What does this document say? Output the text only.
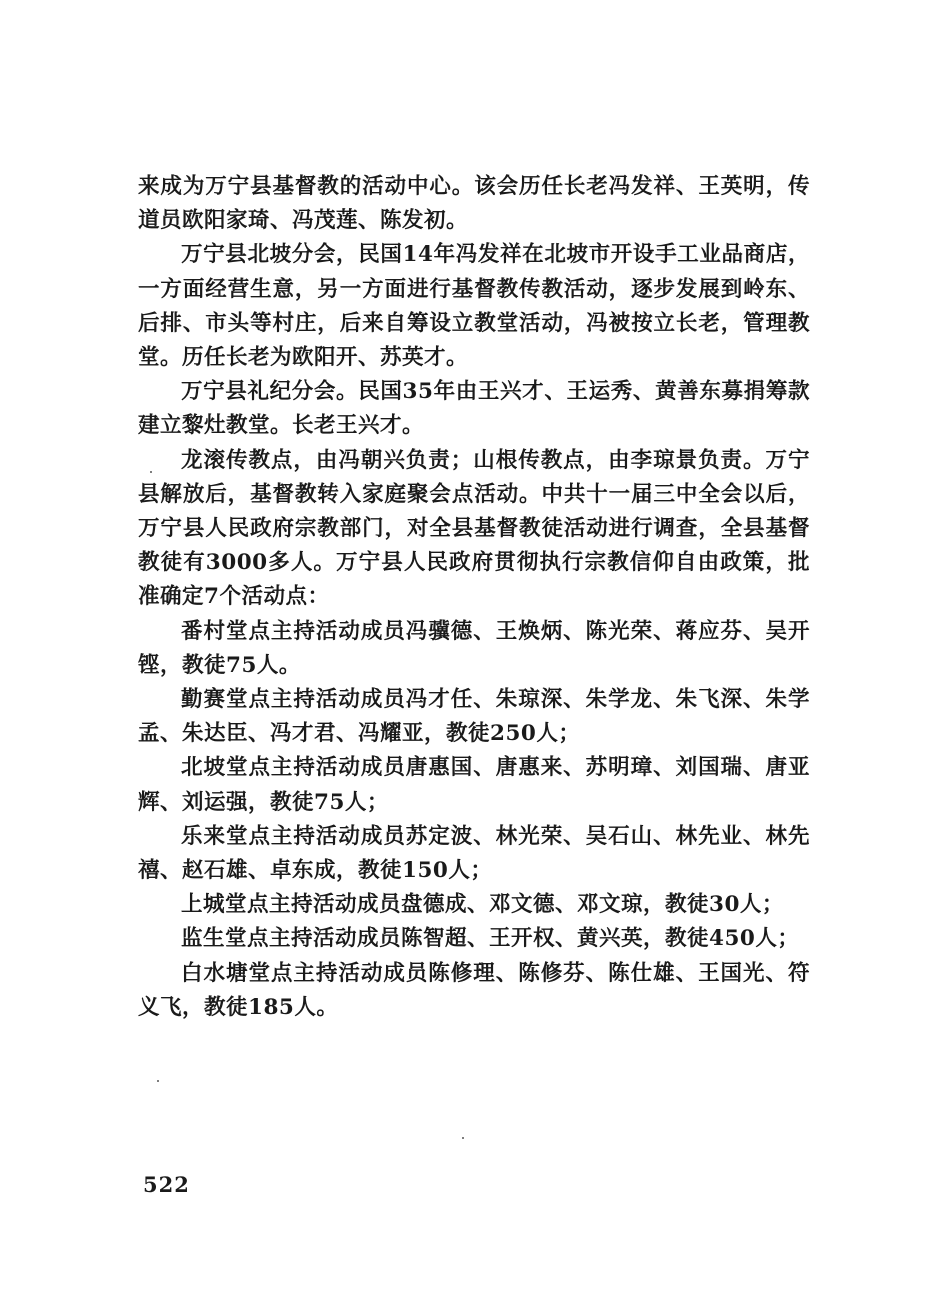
来成为万宁县基督教的活动中心。该会历任长老冯发祥、王英明，传道员欧阳家琦、冯茂莲、陈发初。

万宁县北坡分会，民国14年冯发祥在北坡市开设手工业品商店，一方面经营生意，另一方面进行基督教传教活动，逐步发展到岭东、后排、市头等村庄，后来自筹设立教堂活动，冯被按立长老，管理教堂。历任长老为欧阳开、苏英才。

万宁县礼纪分会。民国35年由王兴才、王运秀、黄善东募捐筹款建立黎灶教堂。长老王兴才。

龙滚传教点，由冯朝兴负责；山根传教点，由李琼景负责。万宁县解放后，基督教转入家庭聚会点活动。中共十一届三中全会以后，万宁县人民政府宗教部门，对全县基督教徒活动进行调查，全县基督教徒有3000多人。万宁县人民政府贯彻执行宗教信仰自由政策，批准确定7个活动点：

番村堂点主持活动成员冯骥德、王焕炳、陈光荣、蒋应芬、吴开铿，教徒75人。

勤赛堂点主持活动成员冯才任、朱琼深、朱学龙、朱飞深、朱学孟、朱达臣、冯才君、冯耀亚，教徒250人；

北坡堂点主持活动成员唐惠国、唐惠来、苏明璋、刘国瑞、唐亚辉、刘运强，教徒75人；

乐来堂点主持活动成员苏定波、林光荣、吴石山、林先业、林先禧、赵石雄、卓东成，教徒150人；

上城堂点主持活动成员盘德成、邓文德、邓文琼，教徒30人；

监生堂点主持活动成员陈智超、王开权、黄兴英，教徒450人；

白水塘堂点主持活动成员陈修理、陈修芬、陈仕雄、王国光、符义飞，教徒185人。

522
